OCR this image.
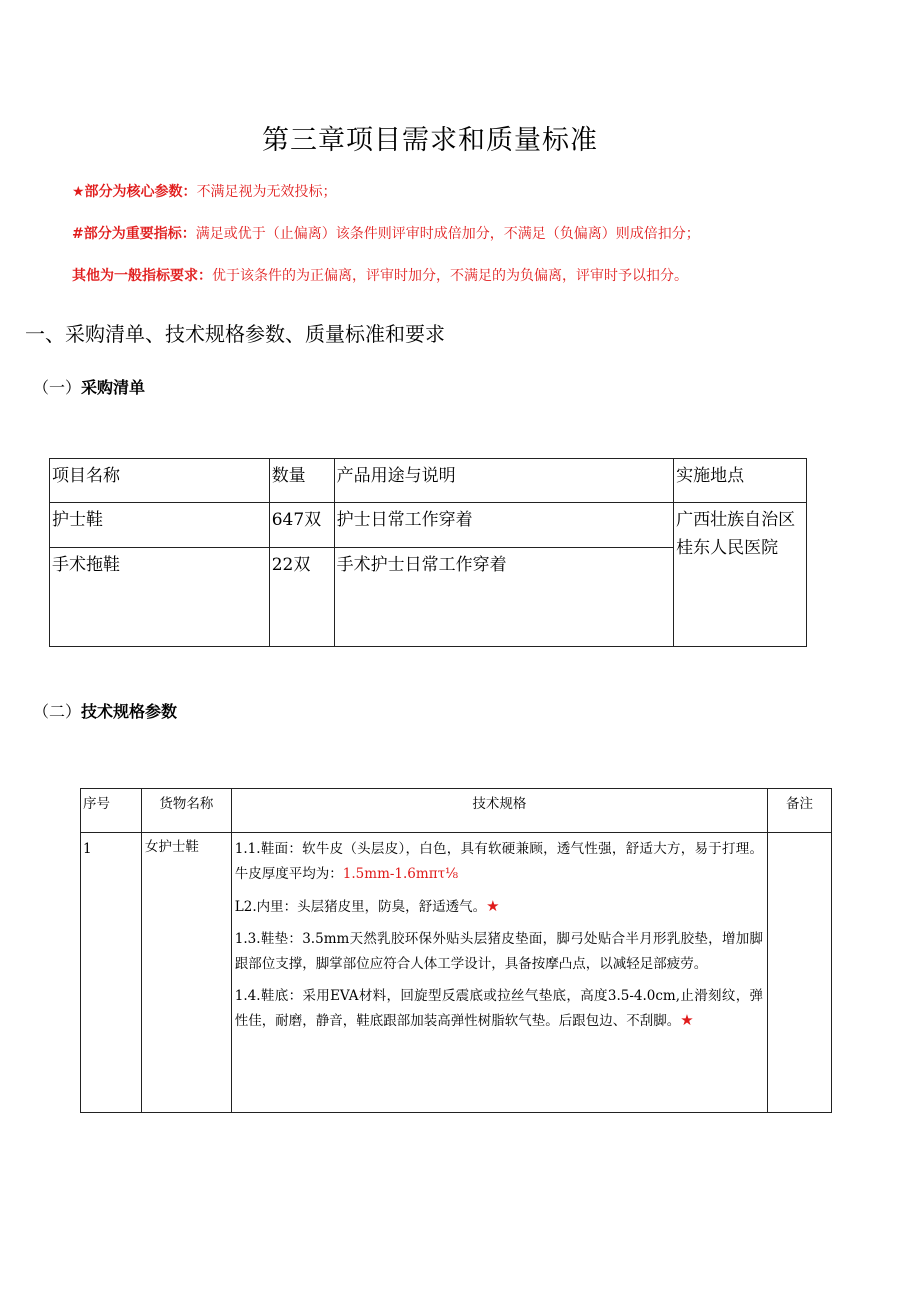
第三章项目需求和质量标准
★部分为核心参数：不满足视为无效投标；
#部分为重要指标：满足或优于（止偏离）该条件则评审时成倍加分，不满足（负偏离）则成倍扣分；
其他为一般指标要求：优于该条件的为正偏离，评审时加分，不满足的为负偏离，评审时予以扣分。
一、采购清单、技术规格参数、质量标准和要求
（一）采购清单
项目名称	数量	产品用途与说明	实施地点
护士鞋	647双	护士日常工作穿着	广西壮族自治区桂东人民医院
手术拖鞋	22双	手术护士日常工作穿着	
（二）技术规格参数
序号	货物名称	技术规格	备注
1	女护士鞋	1.1.鞋面：软牛皮（头层皮），白色，具有软硬兼顾，透气性强，舒适大方，易于打理。牛皮厚度平均为：1.5mm-1.6mπτ⅛

L2.内里：头层猪皮里，防臭，舒适透气。★

1.3.鞋垫：3.5mm天然乳胶环保外贴头层猪皮垫面，脚弓处贴合半月形乳胶垫，增加脚跟部位支撑，脚掌部位应符合人体工学设计，具备按摩凸点，以减轻足部疲劳。

1.4.鞋底：采用EVA材料，回旋型反震底或拉丝气垫底，高度3.5-4.0cm,止滑刻纹，弹性佳，耐磨，静音，鞋底跟部加装高弹性树脂软气垫。后跟包边、不刮脚。★	
